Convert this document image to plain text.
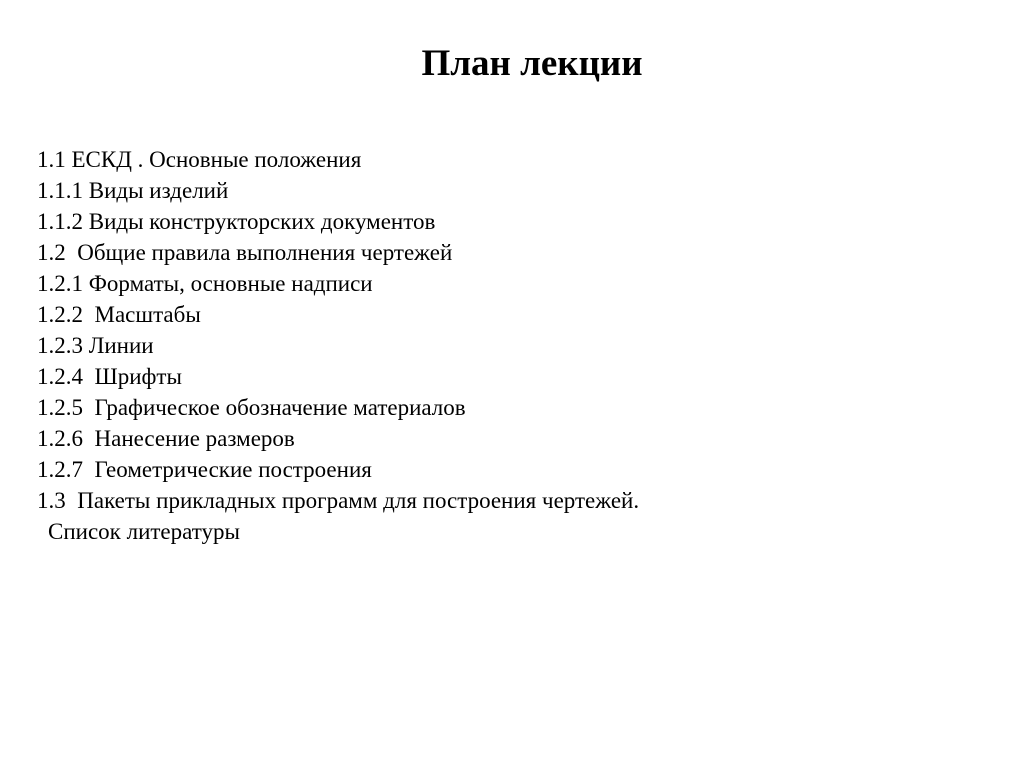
План лекции
1.1 ЕСКД . Основные положения
1.1.1 Виды изделий
1.1.2 Виды конструкторских документов
1.2  Общие правила выполнения чертежей
1.2.1 Форматы, основные надписи
1.2.2  Масштабы
1.2.3 Линии
1.2.4  Шрифты
1.2.5  Графическое обозначение материалов
1.2.6  Нанесение размеров
1.2.7  Геометрические построения
1.3  Пакеты прикладных программ для построения чертежей.
Список литературы
